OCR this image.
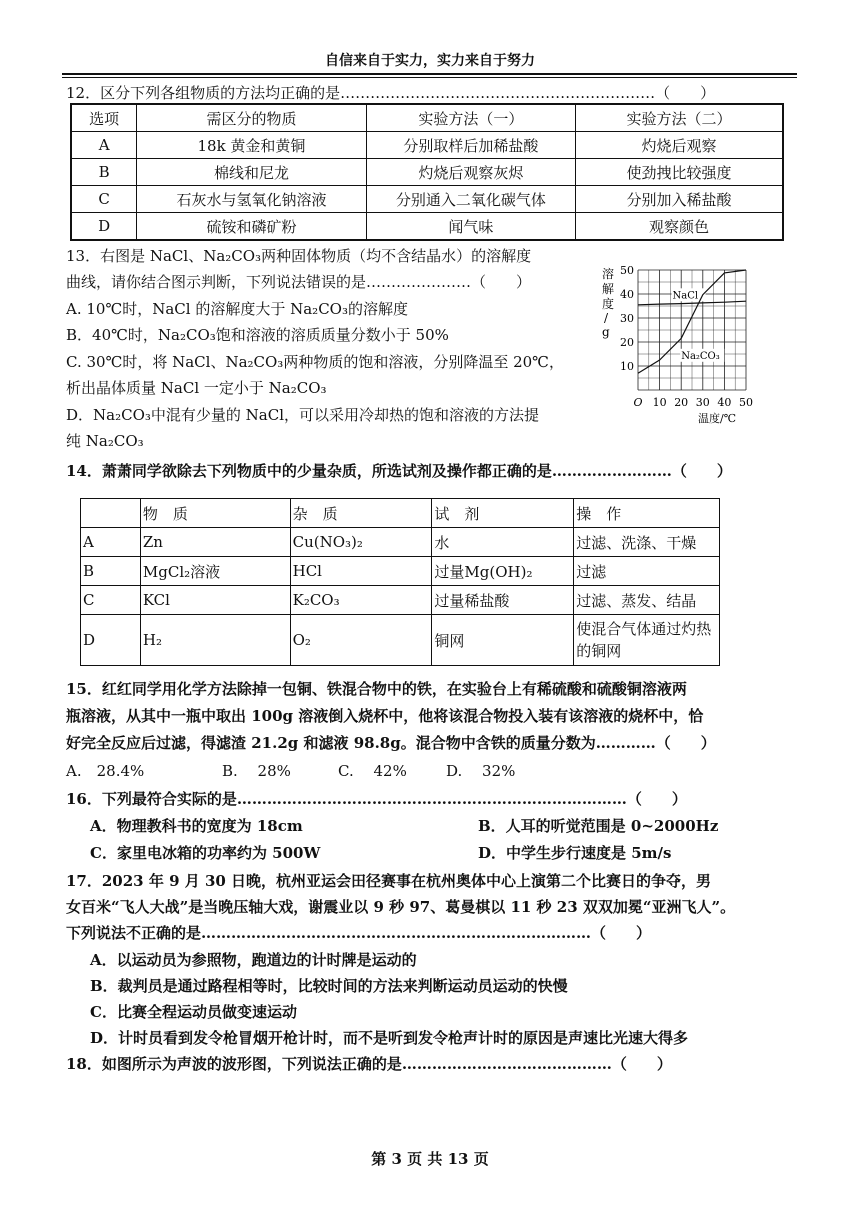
自信来自于实力，实力来自于努力
12．区分下列各组物质的方法均正确的是………………………………………………………（　　）
选项	需区分的物质	实验方法（一）	实验方法（二）
A	18k 黄金和黄铜	分别取样后加稀盐酸	灼烧后观察
B	棉线和尼龙	灼烧后观察灰烬	使劲拽比较强度
C	石灰水与氢氧化钠溶液	分别通入二氧化碳气体	分别加入稀盐酸
D	硫铵和磷矿粉	闻气味	观察颜色
13．右图是 NaCl、Na₂CO₃两种固体物质（均不含结晶水）的溶解度
曲线，请你结合图示判断，下列说法错误的是…………………（　　）
A. 10℃时，NaCl 的溶解度大于 Na₂CO₃的溶解度
B．40℃时，Na₂CO₃饱和溶液的溶质质量分数小于 50%
C. 30℃时，将 NaCl、Na₂CO₃两种物质的饱和溶液，分别降温至 20℃，
析出晶体质量 NaCl 一定小于 Na₂CO₃
D．Na₂CO₃中混有少量的 NaCl，可以采用冷却热的饱和溶液的方法提
纯 Na₂CO₃
溶
解
度
/
g
O 10 20 30 40 50
10
20
30
40
50
NaCl
Na₂CO₃
温度/℃
14．萧萧同学欲除去下列物质中的少量杂质，所选试剂及操作都正确的是……………………（　　）
	物　质	杂　质	试　剂	操　作
A	Zn	Cu(NO₃)₂	水	过滤、洗涤、干燥
B	MgCl₂溶液	HCl	过量Mg(OH)₂	过滤
C	KCl	K₂CO₃	过量稀盐酸	过滤、蒸发、结晶
D	H₂	O₂	铜网	使混合气体通过灼热的铜网
15．红红同学用化学方法除掉一包铜、铁混合物中的铁，在实验台上有稀硫酸和硫酸铜溶液两
瓶溶液，从其中一瓶中取出 100g 溶液倒入烧杯中，他将该混合物投入装有该溶液的烧杯中，恰
好完全反应后过滤，得滤渣 21.2g 和滤液 98.8g。混合物中含铁的质量分数为…………（　　）
A.　28.4%	B.　 28%	C.　 42%	D.　 32%
16．下列最符合实际的是……………………………………………………………………（　　）
A．物理教科书的宽度为 18cm	B．人耳的听觉范围是 0~2000Hz
C．家里电冰箱的功率约为 500W	D．中学生步行速度是 5m/s
17．2023 年 9 月 30 日晚，杭州亚运会田径赛事在杭州奥体中心上演第二个比赛日的争夺，男
女百米“飞人大战”是当晚压轴大戏，谢震业以 9 秒 97、葛曼棋以 11 秒 23 双双加冕“亚洲飞人”。
下列说法不正确的是……………………………………………………………………（　　）
A．以运动员为参照物，跑道边的计时牌是运动的
B．裁判员是通过路程相等时，比较时间的方法来判断运动员运动的快慢
C．比赛全程运动员做变速运动
D．计时员看到发令枪冒烟开枪计时，而不是听到发令枪声计时的原因是声速比光速大得多
18．如图所示为声波的波形图，下列说法正确的是……………………………………（　　）
第 3 页 共 13 页
